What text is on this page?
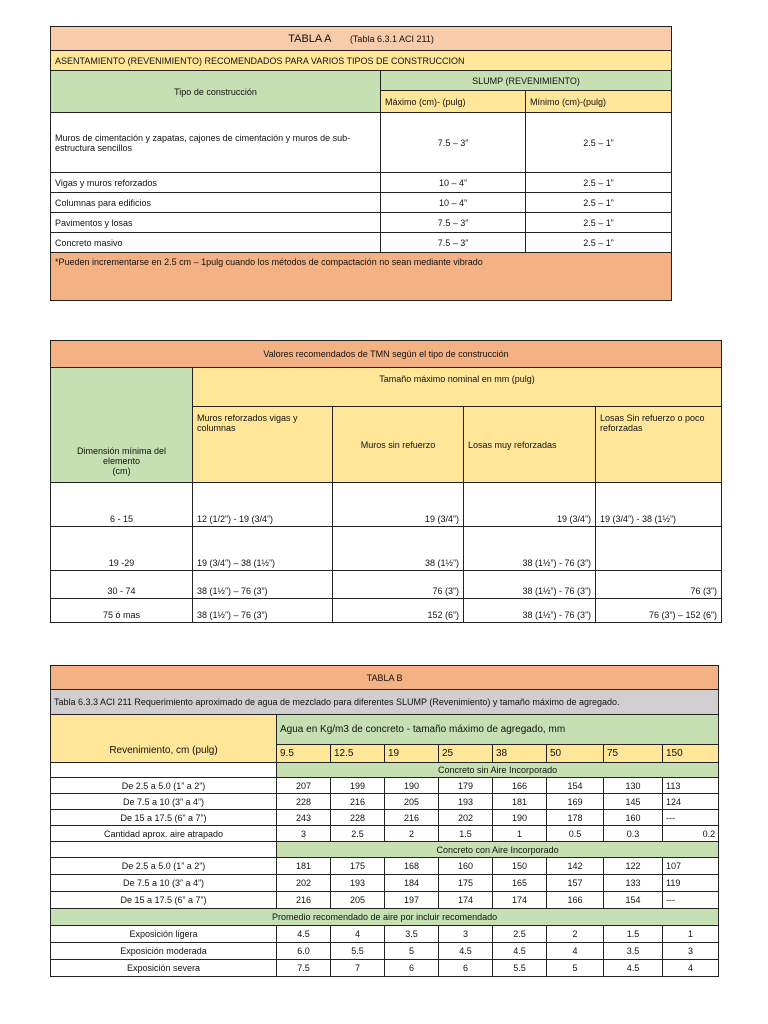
TABLA A (Tabla 6.3.1 ACI 211)		
ASENTAMIENTO (REVENIMIENTO) RECOMENDADOS PARA VARIOS TIPOS DE CONSTRUCCION		
Tipo de construcción	SLUMP (REVENIMIENTO)	
	Máximo (cm)- (pulg)	Mínimo (cm)-(pulg)
Muros de cimentación y zapatas, cajones de cimentación y muros de sub-estructura sencillos	7.5 – 3”	2.5 – 1”
Vigas y muros reforzados	10 – 4”	2.5 – 1”
Columnas para edificios	10 – 4”	2.5 – 1”
Pavimentos y losas	7.5 – 3”	2.5 – 1”
Concreto masivo	7.5 – 3”	2.5 – 1”
*Pueden incrementarse en 2.5 cm – 1pulg cuando los métodos de compactación no sean mediante vibrado		
Valores recomendados de TMN según el tipo de construcción				

Dimensión mínima del elemento
(cm)	Tamaño máximo nominal en mm (pulg)			
	Muros reforzados vigas y columnas	Muros sin refuerzo	Losas muy reforzadas	Losas Sin refuerzo o poco reforzadas
6 - 15	12 (1/2”) - 19 (3/4”)	19 (3/4”)	19 (3/4”)	19 (3/4”) - 38 (1½”)
19 -29	19 (3/4”) – 38 (1½”)	38 (1½”)	38 (1½”) - 76 (3”)	
30 - 74	38 (1½”) – 76 (3”)	76 (3”)	38 (1½”) - 76 (3”)	76 (3”)
75 ó mas	38 (1½”) – 76 (3”)	152 (6”)	38 (1½”) - 76 (3”)	76 (3”) – 152 (6”)
TABLA B								
Tabla 6.3.3 ACI 211 Requerimiento aproximado de agua de mezclado para diferentes SLUMP (Revenimiento) y tamaño máximo de agregado.								
Revenimiento, cm (pulg)	Agua en Kg/m3 de concreto - tamaño máximo de agregado, mm							
	9.5	12.5	19	25	38	50	75	150
	Concreto sin Aire Incorporado							
De 2.5 a 5.0 (1” a 2”)	207	199	190	179	166	154	130	113
De 7.5 a 10 (3” a 4”)	228	216	205	193	181	169	145	124
De 15 a 17.5 (6” a 7”)	243	228	216	202	190	178	160	---
Cantidad aprox. aire atrapado	3	2.5	2	1.5	1	0.5	0.3	0.2
	Concreto con Aire Incorporado							
De 2.5 a 5.0 (1” a 2”)	181	175	168	160	150	142	122	107
De 7.5 a 10 (3” a 4”)	202	193	184	175	165	157	133	119
De 15 a 17.5 (6” a 7”)	216	205	197	174	174	166	154	---
Promedio recomendado de aire por incluir recomendado								
Exposición ligera	4.5	4	3.5	3	2.5	2	1.5	1
Exposición moderada	6.0	5.5	5	4.5	4.5	4	3.5	3
Exposición severa	7.5	7	6	6	5.5	5	4.5	4
